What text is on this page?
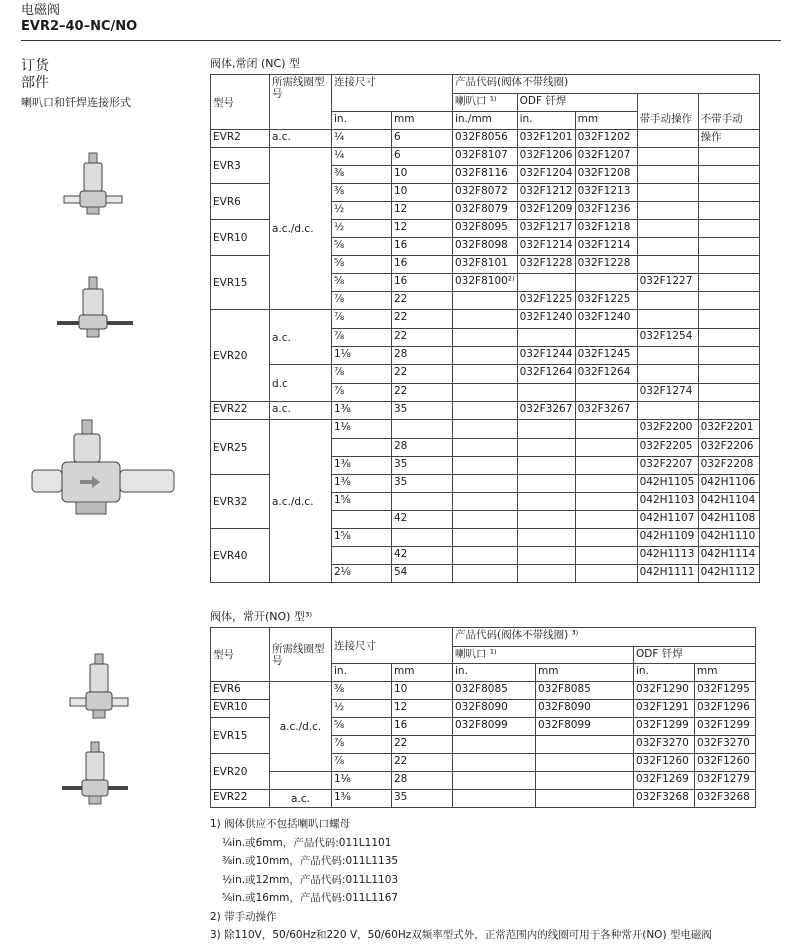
电磁阀
EVR2–40–NC/NO
订货
部件
喇叭口和钎焊连接形式
阀体,常闭 (NC) 型
型号	所需线圈型号	连接尺寸		产品代码(阀体不带线圈)				
				喇叭口 ¹⁾	ODF 钎焊			
		in.	mm	in./mm	in.	mm	带手动操作	不带手动
EVR2	a.c.	¼	6	032F8056	032F1201	032F1202		操作
EVR3	a.c./d.c.	¼	6	032F8107	032F1206	032F1207		
		⅜	10	032F8116	032F1204	032F1208		
EVR6		⅜	10	032F8072	032F1212	032F1213		
		½	12	032F8079	032F1209	032F1236		
EVR10		½	12	032F8095	032F1217	032F1218		
		⅝	16	032F8098	032F1214	032F1214		
EVR15		⅝	16	032F8101	032F1228	032F1228		
		⅝	16	032F8100²⁾			032F1227	
		⅞	22		032F1225	032F1225		
EVR20	a.c.	⅞	22		032F1240	032F1240		
		⅞	22				032F1254	
		1⅛	28		032F1244	032F1245		
	d.c	⅞	22		032F1264	032F1264		
		⅞	22				032F1274	
EVR22	a.c.	1⅜	35		032F3267	032F3267		
EVR25	a.c./d.c.	1⅛					032F2200	032F2201
			28				032F2205	032F2206
		1⅜	35				032F2207	032F2208
EVR32		1⅜	35				042H1105	042H1106
		1⅝					042H1103	042H1104
			42				042H1107	042H1108
EVR40		1⅝					042H1109	042H1110
			42				042H1113	042H1114
		2⅛	54				042H1111	042H1112
阀体，常开(NO) 型³⁾
型号	所需线圈型号	连接尺寸		产品代码(阀体不带线圈) ³⁾			
				喇叭口 ¹⁾		ODF 钎焊	
		in.	mm	in.	mm	in.	mm
EVR6	a.c./d.c.	⅜	10	032F8085	032F8085	032F1290	032F1295
EVR10		½	12	032F8090	032F8090	032F1291	032F1296
EVR15		⅝	16	032F8099	032F8099	032F1299	032F1299
		⅞	22			032F3270	032F3270
EVR20		⅞	22			032F1260	032F1260
		1⅛	28			032F1269	032F1279
EVR22	a.c.	1⅜	35			032F3268	032F3268
1) 阀体供应不包括喇叭口螺母
¼in.或6mm，产品代码:011L1101
⅜in.或10mm，产品代码:011L1135
½in.或12mm，产品代码:011L1103
⅝in.或16mm，产品代码:011L1167
2) 带手动操作
3) 除110V，50/60Hz和220 V，50/60Hz双频率型式外，正常范围内的线圈可用于各种常开(NO) 型电磁阀
